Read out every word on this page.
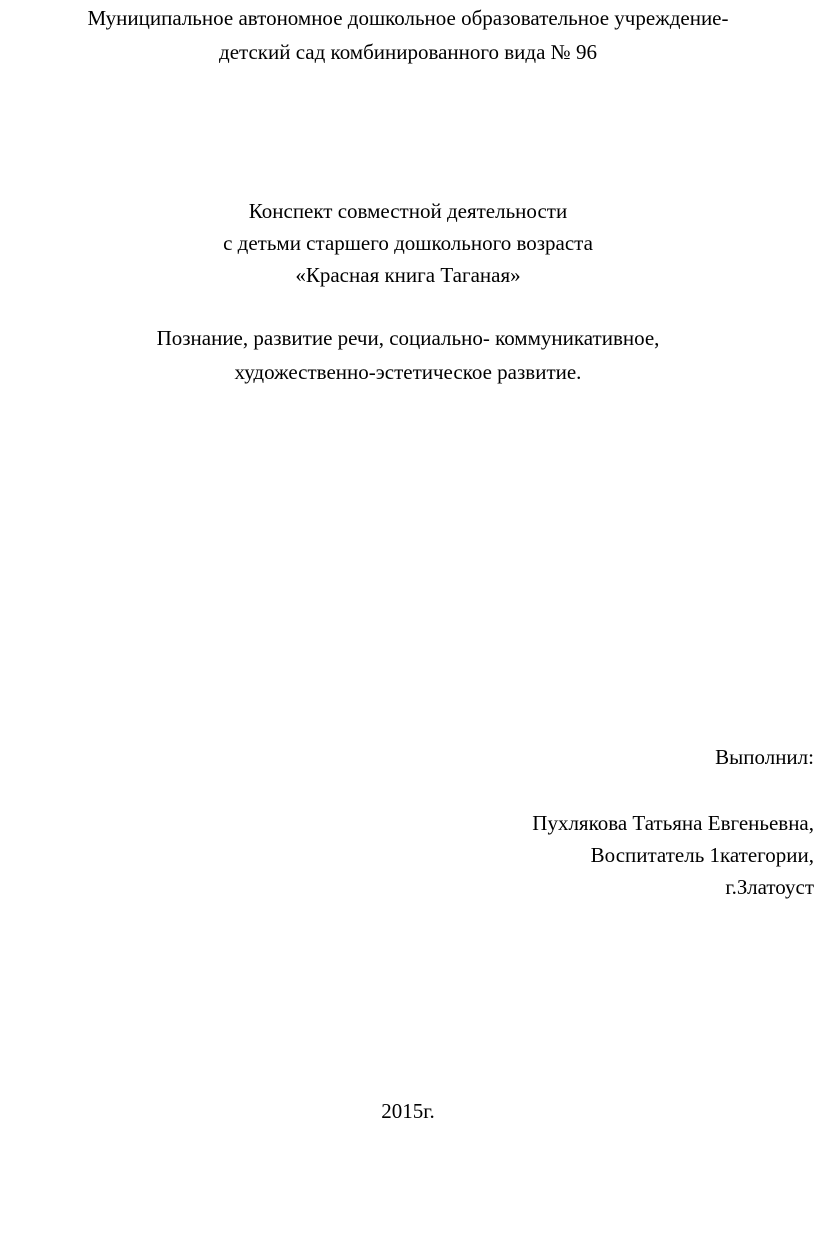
Муниципальное автономное дошкольное образовательное учреждение-
детский сад комбинированного вида № 96
Конспект совместной деятельности
с детьми старшего дошкольного возраста
«Красная книга Таганая»
Познание, развитие речи, социально- коммуникативное,
художественно-эстетическое развитие.
Выполнил:
Пухлякова Татьяна Евгеньевна,
Воспитатель 1категории,
г.Златоуст
2015г.
